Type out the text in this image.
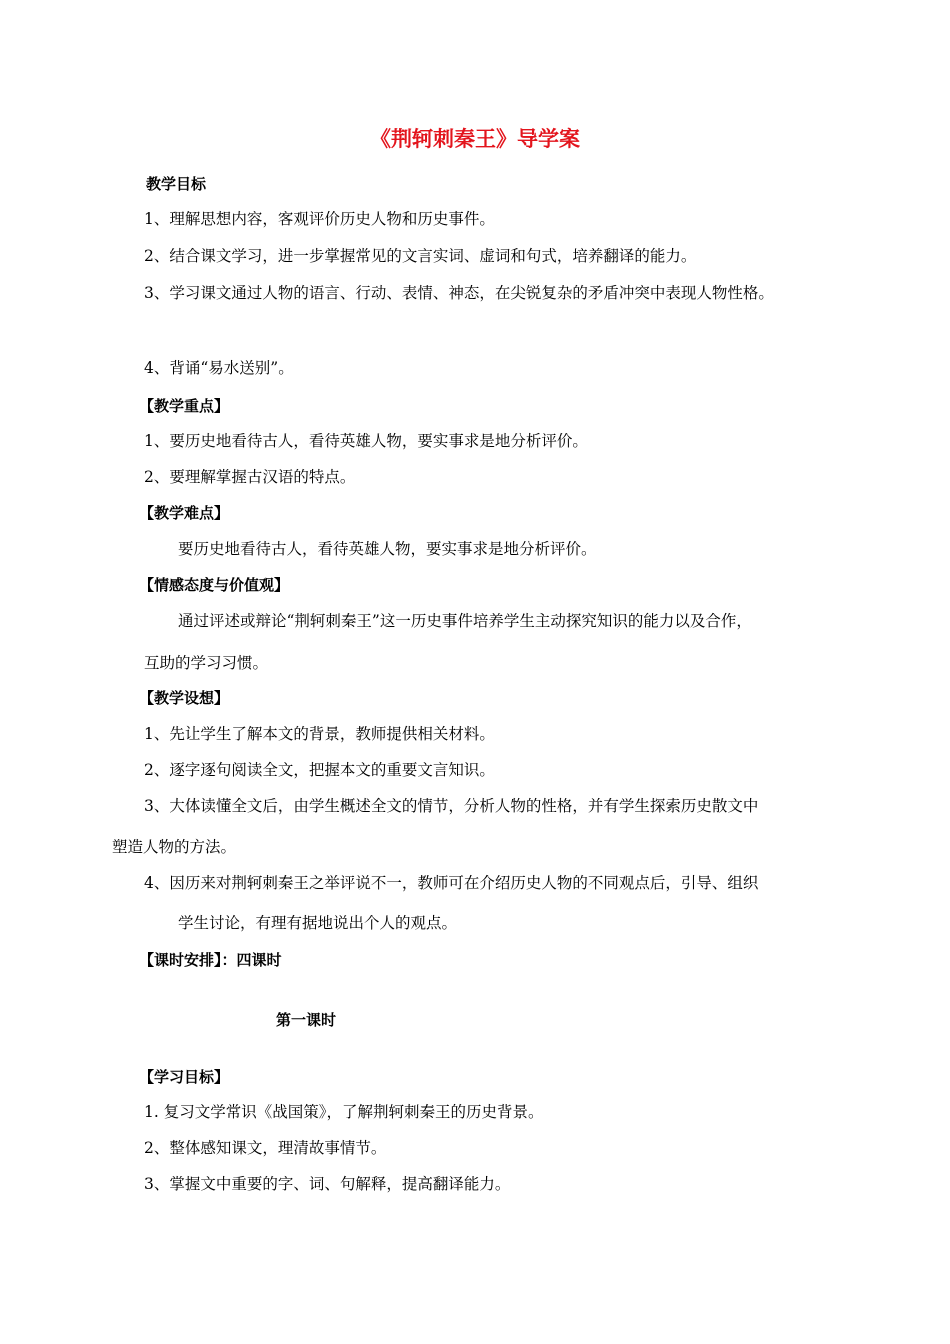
《荆轲刺秦王》导学案
教学目标
1、理解思想内容，客观评价历史人物和历史事件。
2、结合课文学习，进一步掌握常见的文言实词、虚词和句式，培养翻译的能力。
3、学习课文通过人物的语言、行动、表情、神态，在尖锐复杂的矛盾冲突中表现人物性格。
4、背诵“易水送别”。
【教学重点】
1、要历史地看待古人，看待英雄人物，要实事求是地分析评价。
2、要理解掌握古汉语的特点。
【教学难点】
要历史地看待古人，看待英雄人物，要实事求是地分析评价。
【情感态度与价值观】
通过评述或辩论“荆轲刺秦王”这一历史事件培养学生主动探究知识的能力以及合作，
互助的学习习惯。
【教学设想】
1、先让学生了解本文的背景，教师提供相关材料。
2、逐字逐句阅读全文，把握本文的重要文言知识。
3、大体读懂全文后，由学生概述全文的情节，分析人物的性格，并有学生探索历史散文中
塑造人物的方法。
4、因历来对荆轲刺秦王之举评说不一，教师可在介绍历史人物的不同观点后，引导、组织
学生讨论，有理有据地说出个人的观点。
【课时安排】：四课时
第一课时
【学习目标】
1. 复习文学常识《战国策》，了解荆轲刺秦王的历史背景。
2、整体感知课文，理清故事情节。
3、掌握文中重要的字、词、句解释，提高翻译能力。
